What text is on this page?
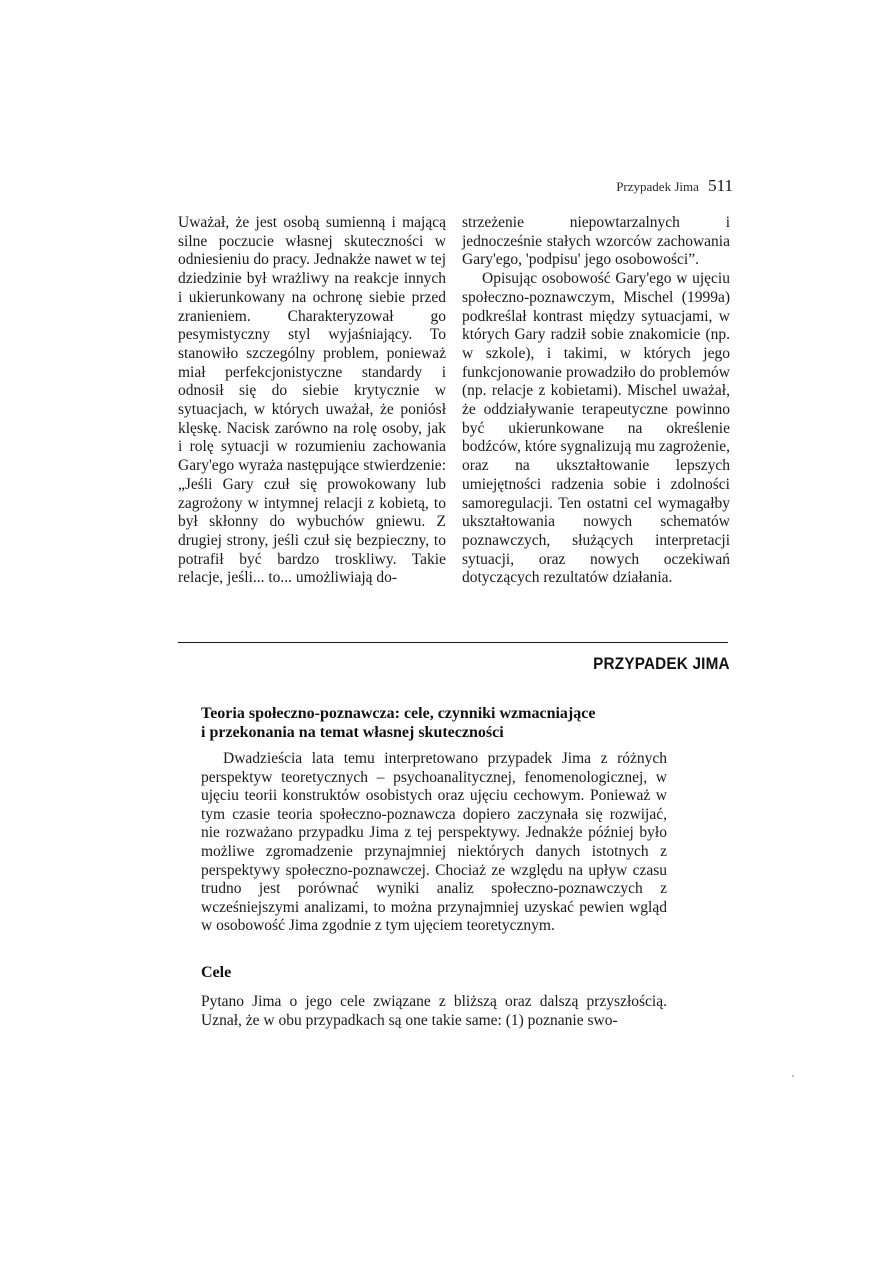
Przypadek Jima 511

Uważał, że jest osobą sumienną i mającą silne poczucie własnej skuteczności w odniesieniu do pracy. Jednakże nawet w tej dziedzinie był wrażliwy na reakcje innych i ukierunkowany na ochronę siebie przed zranieniem. Charakteryzował go pesymistyczny styl wyjaśniający. To stanowiło szczególny problem, ponieważ miał perfekcjonistyczne standardy i odnosił się do siebie krytycznie w sytuacjach, w których uważał, że poniósł klęskę. Nacisk zarówno na rolę osoby, jak i rolę sytuacji w rozumieniu zachowania Gary'ego wyraża następujące stwierdzenie: „Jeśli Gary czuł się prowokowany lub zagrożony w intymnej relacji z kobietą, to był skłonny do wybuchów gniewu. Z drugiej strony, jeśli czuł się bezpieczny, to potrafił być bardzo troskliwy. Takie relacje, jeśli... to... umożliwiają do-

strzeżenie niepowtarzalnych i jednocześnie stałych wzorców zachowania Gary'ego, 'podpisu' jego osobowości”.

Opisując osobowość Gary'ego w ujęciu społeczno-poznawczym, Mischel (1999a) podkreślał kontrast między sytuacjami, w których Gary radził sobie znakomicie (np. w szkole), i takimi, w których jego funkcjonowanie prowadziło do problemów (np. relacje z kobietami). Mischel uważał, że oddziaływanie terapeutyczne powinno być ukierunkowane na określenie bodźców, które sygnalizują mu zagrożenie, oraz na ukształtowanie lepszych umiejętności radzenia sobie i zdolności samoregulacji. Ten ostatni cel wymagałby ukształtowania nowych schematów poznawczych, służących interpretacji sytuacji, oraz nowych oczekiwań dotyczących rezultatów działania.

PRZYPADEK JIMA
Teoria społeczno-poznawcza: cele, czynniki wzmacniające
i przekonania na temat własnej skuteczności

Dwadzieścia lata temu interpretowano przypadek Jima z różnych perspektyw teoretycznych – psychoanalitycznej, fenomenologicznej, w ujęciu teorii konstruktów osobistych oraz ujęciu cechowym. Ponieważ w tym czasie teoria społeczno-poznawcza dopiero zaczynała się rozwijać, nie rozważano przypadku Jima z tej perspektywy. Jednakże później było możliwe zgromadzenie przynajmniej niektórych danych istotnych z perspektywy społeczno-poznawczej. Chociaż ze względu na upływ czasu trudno jest porównać wyniki analiz społeczno-poznawczych z wcześniejszymi analizami, to można przynajmniej uzyskać pewien wgląd w osobowość Jima zgodnie z tym ujęciem teoretycznym.

Cele

Pytano Jima o jego cele związane z bliższą oraz dalszą przyszłością. Uznał, że w obu przypadkach są one takie same: (1) poznanie swo-
